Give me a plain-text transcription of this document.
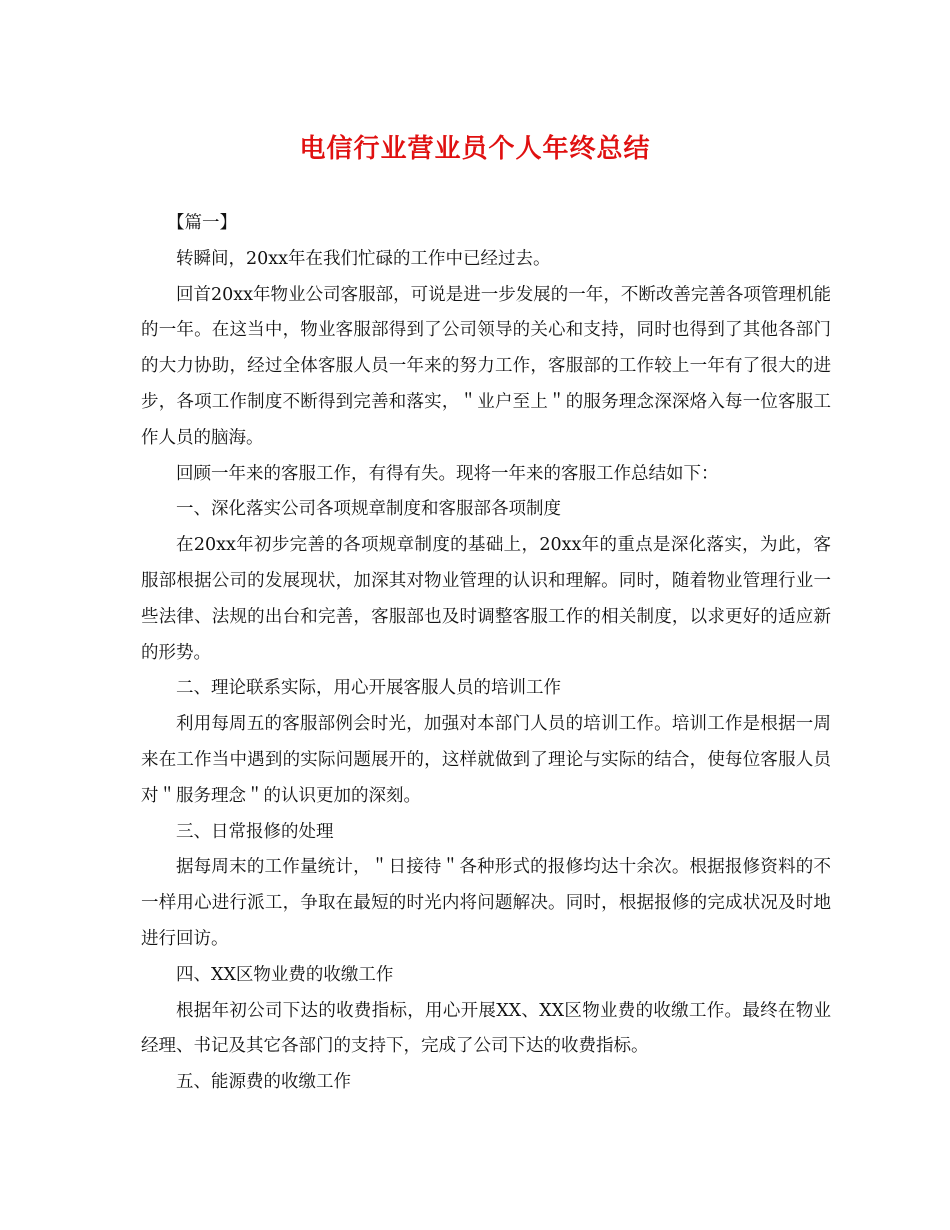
电信行业营业员个人年终总结

【篇一】

转瞬间，20xx年在我们忙碌的工作中已经过去。

回首20xx年物业公司客服部，可说是进一步发展的一年，不断改善完善各项管理机能的一年。在这当中，物业客服部得到了公司领导的关心和支持，同时也得到了其他各部门的大力协助，经过全体客服人员一年来的努力工作，客服部的工作较上一年有了很大的进步，各项工作制度不断得到完善和落实，＂业户至上＂的服务理念深深烙入每一位客服工作人员的脑海。

回顾一年来的客服工作，有得有失。现将一年来的客服工作总结如下：

一、深化落实公司各项规章制度和客服部各项制度

在20xx年初步完善的各项规章制度的基础上，20xx年的重点是深化落实，为此，客服部根据公司的发展现状，加深其对物业管理的认识和理解。同时，随着物业管理行业一些法律、法规的出台和完善，客服部也及时调整客服工作的相关制度，以求更好的适应新的形势。

二、理论联系实际，用心开展客服人员的培训工作

利用每周五的客服部例会时光，加强对本部门人员的培训工作。培训工作是根据一周来在工作当中遇到的实际问题展开的，这样就做到了理论与实际的结合，使每位客服人员对＂服务理念＂的认识更加的深刻。

三、日常报修的处理

据每周末的工作量统计，＂日接待＂各种形式的报修均达十余次。根据报修资料的不一样用心进行派工，争取在最短的时光内将问题解决。同时，根据报修的完成状况及时地进行回访。

四、XX区物业费的收缴工作

根据年初公司下达的收费指标，用心开展XX、XX区物业费的收缴工作。最终在物业经理、书记及其它各部门的支持下，完成了公司下达的收费指标。

五、能源费的收缴工作
